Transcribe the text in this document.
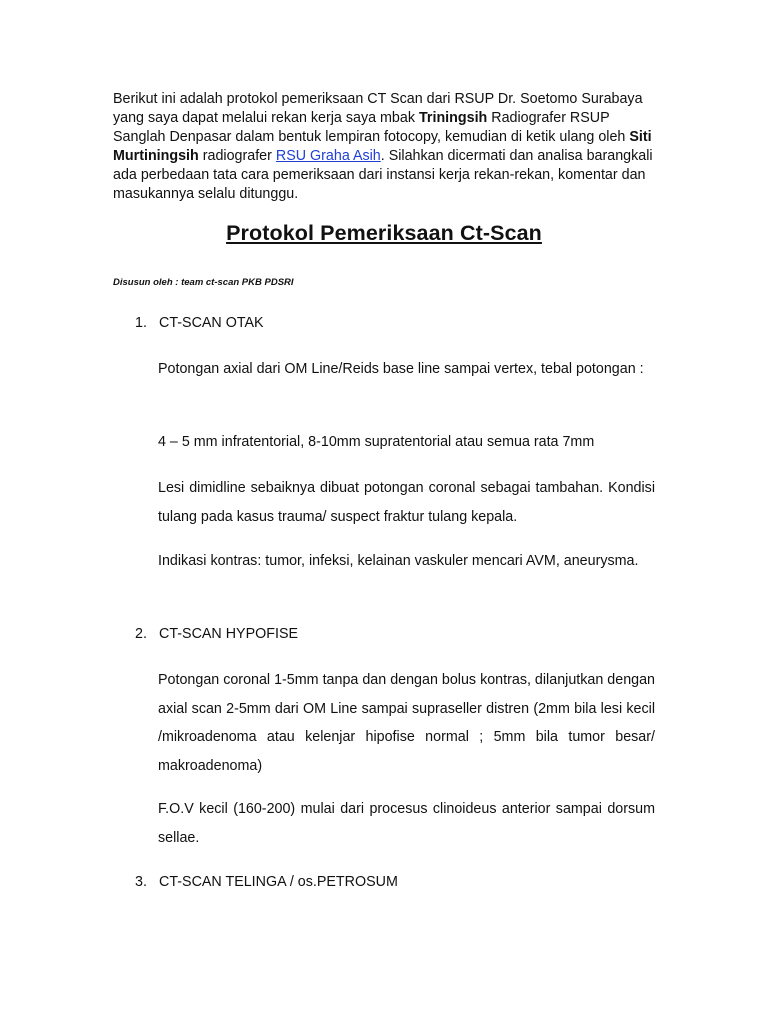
Berikut ini adalah protokol pemeriksaan CT Scan dari RSUP Dr. Soetomo Surabaya yang saya dapat melalui rekan kerja saya mbak Triningsih Radiografer RSUP Sanglah Denpasar dalam bentuk lempiran fotocopy, kemudian di ketik ulang oleh Siti Murtiningsih radiografer RSU Graha Asih. Silahkan dicermati dan analisa barangkali ada perbedaan tata cara pemeriksaan dari instansi kerja rekan-rekan, komentar dan masukannya selalu ditunggu.
Protokol Pemeriksaan Ct-Scan
Disusun oleh : team ct-scan PKB PDSRI
1. CT-SCAN OTAK
Potongan axial dari OM Line/Reids base line sampai vertex, tebal potongan :
4 – 5 mm infratentorial, 8-10mm supratentorial atau semua rata 7mm
Lesi dimidline sebaiknya dibuat potongan coronal sebagai tambahan. Kondisi tulang pada kasus trauma/ suspect fraktur tulang kepala.
Indikasi kontras: tumor, infeksi, kelainan vaskuler mencari AVM, aneurysma.
2. CT-SCAN HYPOFISE
Potongan coronal 1-5mm tanpa dan dengan bolus kontras, dilanjutkan dengan axial scan 2-5mm dari OM Line sampai supraseller distren (2mm bila lesi kecil /mikroadenoma atau kelenjar hipofise normal ; 5mm bila tumor besar/ makroadenoma)
F.O.V kecil (160-200) mulai dari procesus clinoideus anterior sampai dorsum sellae.
3. CT-SCAN TELINGA / os.PETROSUM
